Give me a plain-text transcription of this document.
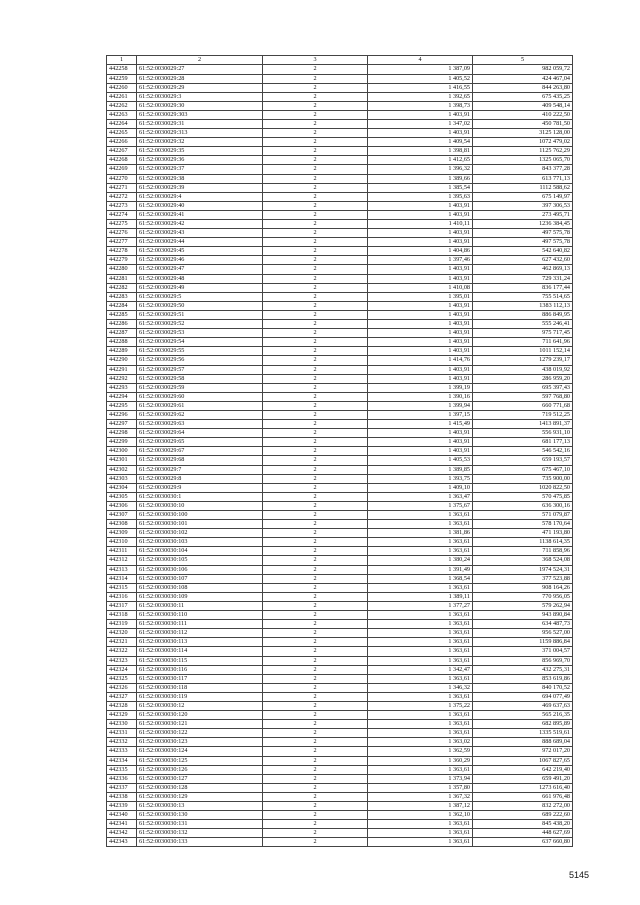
1	2	3	4	5
442258	61:52:0030029:27	2	1 387,09	982 059,72
442259	61:52:0030029:28	2	1 405,52	424 467,04
442260	61:52:0030029:29	2	1 416,55	844 263,80
442261	61:52:0030029:3	2	1 392,65	675 435,25
442262	61:52:0030029:30	2	1 398,73	409 548,14
442263	61:52:0030029:303	2	1 403,91	410 222,50
442264	61:52:0030029:31	2	1 347,02	450 781,50
442265	61:52:0030029:313	2	1 403,91	3125 128,00
442266	61:52:0030029:32	2	1 409,54	1072 479,02
442267	61:52:0030029:35	2	1 398,81	1125 762,29
442268	61:52:0030029:36	2	1 412,65	1325 065,70
442269	61:52:0030029:37	2	1 396,32	843 377,28
442270	61:52:0030029:38	2	1 389,66	613 771,13
442271	61:52:0030029:39	2	1 385,54	1112 588,62
442272	61:52:0030029:4	2	1 395,63	675 149,97
442273	61:52:0030029:40	2	1 403,91	397 306,53
442274	61:52:0030029:41	2	1 403,91	273 495,71
442275	61:52:0030029:42	2	1 410,11	1236 384,45
442276	61:52:0030029:43	2	1 403,91	497 575,78
442277	61:52:0030029:44	2	1 403,91	497 575,78
442278	61:52:0030029:45	2	1 404,86	542 640,82
442279	61:52:0030029:46	2	1 397,46	627 432,60
442280	61:52:0030029:47	2	1 403,91	462 869,13
442281	61:52:0030029:48	2	1 403,91	729 331,24
442282	61:52:0030029:49	2	1 410,08	836 177,44
442283	61:52:0030029:5	2	1 395,01	755 514,65
442284	61:52:0030029:50	2	1 403,91	1383 112,13
442285	61:52:0030029:51	2	1 403,91	886 849,95
442286	61:52:0030029:52	2	1 403,91	555 246,41
442287	61:52:0030029:53	2	1 403,91	975 717,45
442288	61:52:0030029:54	2	1 403,91	711 641,96
442289	61:52:0030029:55	2	1 403,91	1011 152,14
442290	61:52:0030029:56	2	1 414,76	1279 239,17
442291	61:52:0030029:57	2	1 403,91	438 019,92
442292	61:52:0030029:58	2	1 403,91	286 959,20
442293	61:52:0030029:59	2	1 399,19	695 397,43
442294	61:52:0030029:60	2	1 390,16	597 768,80
442295	61:52:0030029:61	2	1 399,94	660 771,68
442296	61:52:0030029:62	2	1 397,15	719 512,25
442297	61:52:0030029:63	2	1 415,49	1413 891,37
442298	61:52:0030029:64	2	1 403,91	556 931,10
442299	61:52:0030029:65	2	1 403,91	681 177,13
442300	61:52:0030029:67	2	1 403,91	546 542,16
442301	61:52:0030029:68	2	1 405,53	659 193,57
442302	61:52:0030029:7	2	1 389,85	675 467,10
442303	61:52:0030029:8	2	1 393,75	735 900,00
442304	61:52:0030029:9	2	1 409,10	1020 822,50
442305	61:52:0030030:1	2	1 363,47	570 475,85
442306	61:52:0030030:10	2	1 375,67	636 300,16
442307	61:52:0030030:100	2	1 363,61	571 079,87
442308	61:52:0030030:101	2	1 363,61	578 170,64
442309	61:52:0030030:102	2	1 381,86	471 193,80
442310	61:52:0030030:103	2	1 363,61	1138 614,35
442311	61:52:0030030:104	2	1 363,61	711 858,96
442312	61:52:0030030:105	2	1 380,24	368 524,08
442313	61:52:0030030:106	2	1 391,49	1974 524,31
442314	61:52:0030030:107	2	1 368,54	377 523,88
442315	61:52:0030030:108	2	1 363,61	908 164,26
442316	61:52:0030030:109	2	1 389,11	770 956,05
442317	61:52:0030030:11	2	1 377,27	579 262,94
442318	61:52:0030030:110	2	1 363,61	943 890,84
442319	61:52:0030030:111	2	1 363,61	634 487,73
442320	61:52:0030030:112	2	1 363,61	956 527,00
442321	61:52:0030030:113	2	1 363,61	1159 886,84
442322	61:52:0030030:114	2	1 363,61	371 004,57
442323	61:52:0030030:115	2	1 363,61	856 969,70
442324	61:52:0030030:116	2	1 342,47	432 275,31
442325	61:52:0030030:117	2	1 363,61	853 619,86
442326	61:52:0030030:118	2	1 346,32	840 170,52
442327	61:52:0030030:119	2	1 363,61	694 077,49
442328	61:52:0030030:12	2	1 375,22	469 637,63
442329	61:52:0030030:120	2	1 363,61	565 216,35
442330	61:52:0030030:121	2	1 363,61	682 895,89
442331	61:52:0030030:122	2	1 363,61	1335 519,61
442332	61:52:0030030:123	2	1 363,02	888 689,04
442333	61:52:0030030:124	2	1 362,59	972 017,20
442334	61:52:0030030:125	2	1 360,29	1067 827,65
442335	61:52:0030030:126	2	1 363,61	642 219,40
442336	61:52:0030030:127	2	1 373,94	659 491,20
442337	61:52:0030030:128	2	1 357,80	1273 616,40
442338	61:52:0030030:129	2	1 367,32	661 976,48
442339	61:52:0030030:13	2	1 387,12	832 272,00
442340	61:52:0030030:130	2	1 362,10	689 222,60
442341	61:52:0030030:131	2	1 363,61	845 438,20
442342	61:52:0030030:132	2	1 363,61	448 627,69
442343	61:52:0030030:133	2	1 363,61	637 660,80
5145
